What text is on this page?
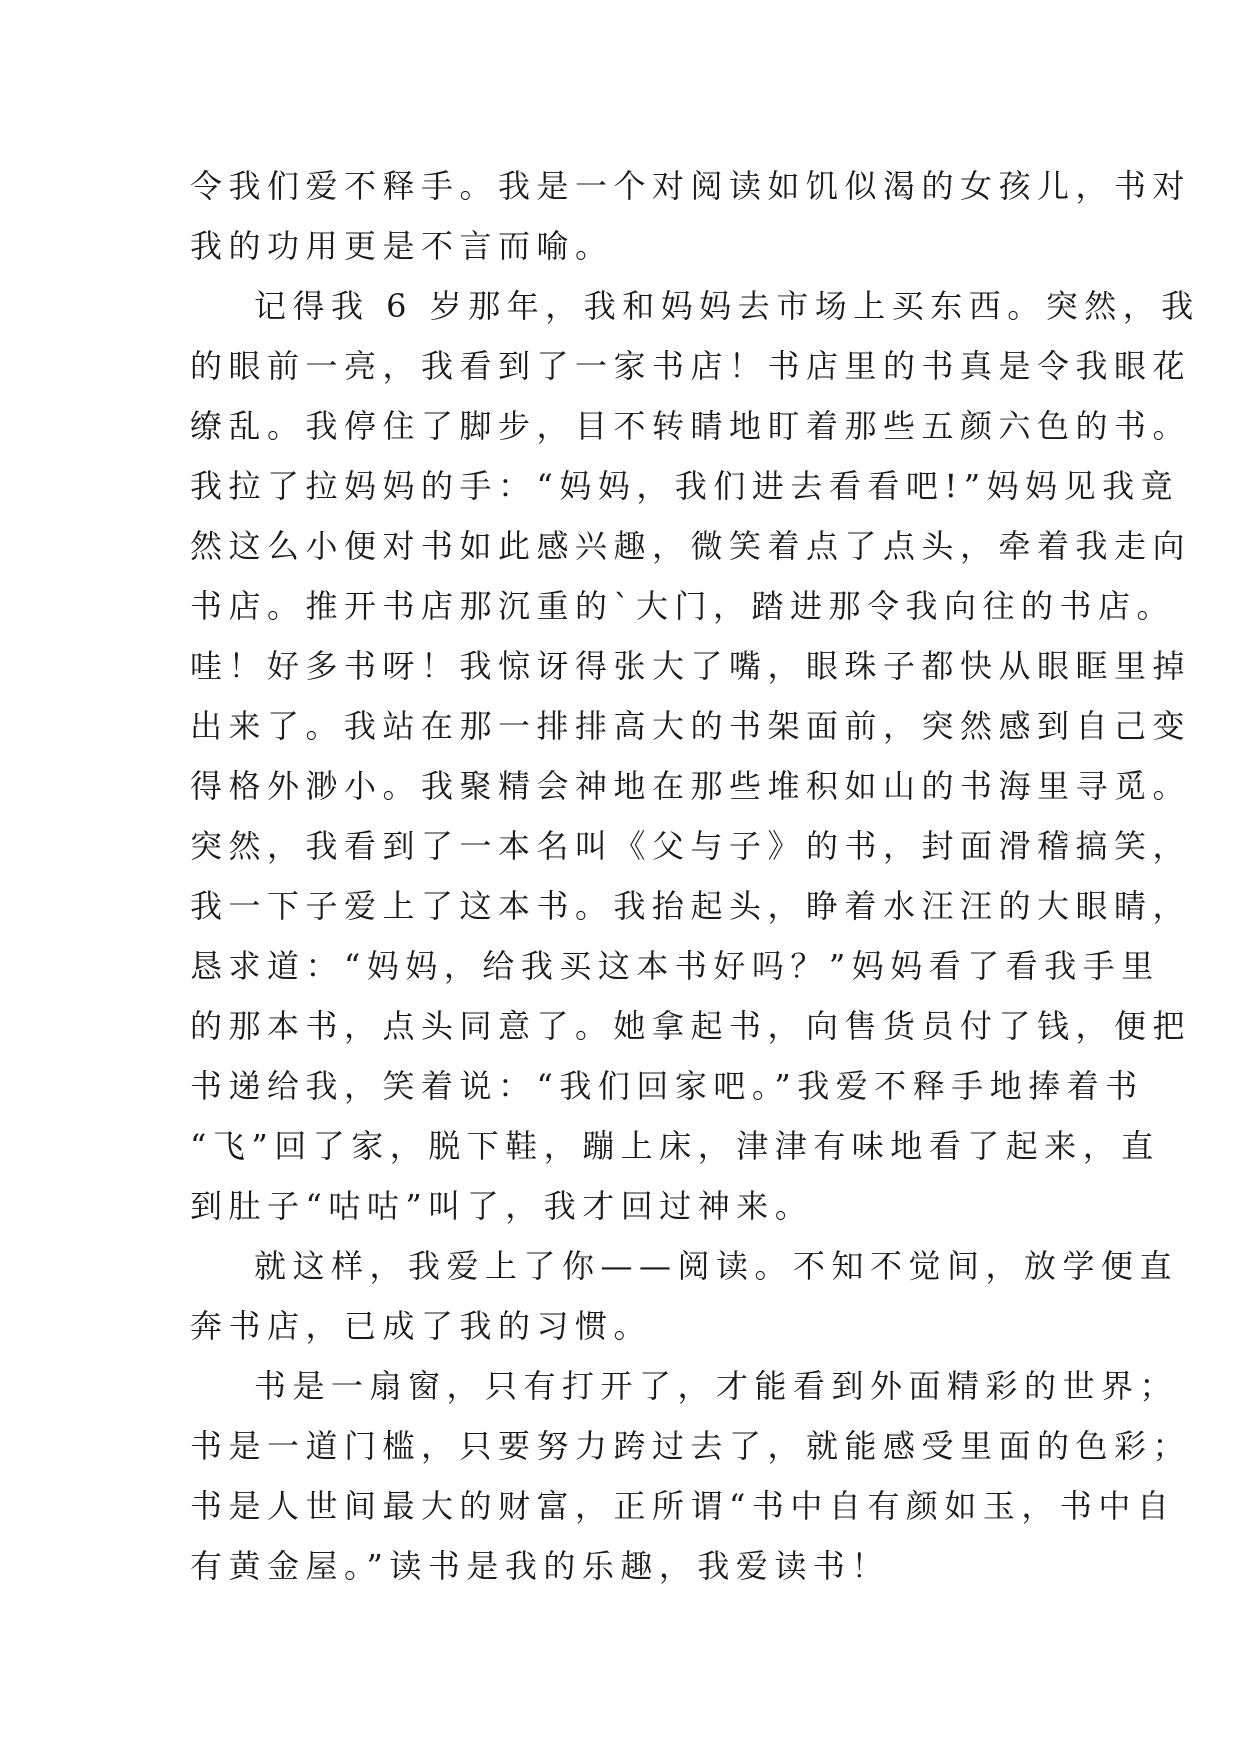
令我们爱不释手。我是一个对阅读如饥似渴的女孩儿，书对
我的功用更是不言而喻。
记得我 6 岁那年，我和妈妈去市场上买东西。突然，我
的眼前一亮，我看到了一家书店！书店里的书真是令我眼花
缭乱。我停住了脚步，目不转睛地盯着那些五颜六色的书。
我拉了拉妈妈的手：“妈妈，我们进去看看吧!”妈妈见我竟
然这么小便对书如此感兴趣，微笑着点了点头，牵着我走向
书店。推开书店那沉重的`大门，踏进那令我向往的书店。
哇！好多书呀！我惊讶得张大了嘴，眼珠子都快从眼眶里掉
出来了。我站在那一排排高大的书架面前，突然感到自己变
得格外渺小。我聚精会神地在那些堆积如山的书海里寻觅。
突然，我看到了一本名叫《父与子》的书，封面滑稽搞笑，
我一下子爱上了这本书。我抬起头，睁着水汪汪的大眼睛，
恳求道：“妈妈，给我买这本书好吗？”妈妈看了看我手里
的那本书，点头同意了。她拿起书，向售货员付了钱，便把
书递给我，笑着说：“我们回家吧。”我爱不释手地捧着书
“飞”回了家，脱下鞋，蹦上床，津津有味地看了起来，直
到肚子“咕咕”叫了，我才回过神来。
就这样，我爱上了你——阅读。不知不觉间，放学便直
奔书店，已成了我的习惯。
书是一扇窗，只有打开了，才能看到外面精彩的世界；
书是一道门槛，只要努力跨过去了，就能感受里面的色彩；
书是人世间最大的财富，正所谓“书中自有颜如玉，书中自
有黄金屋。”读书是我的乐趣，我爱读书！
